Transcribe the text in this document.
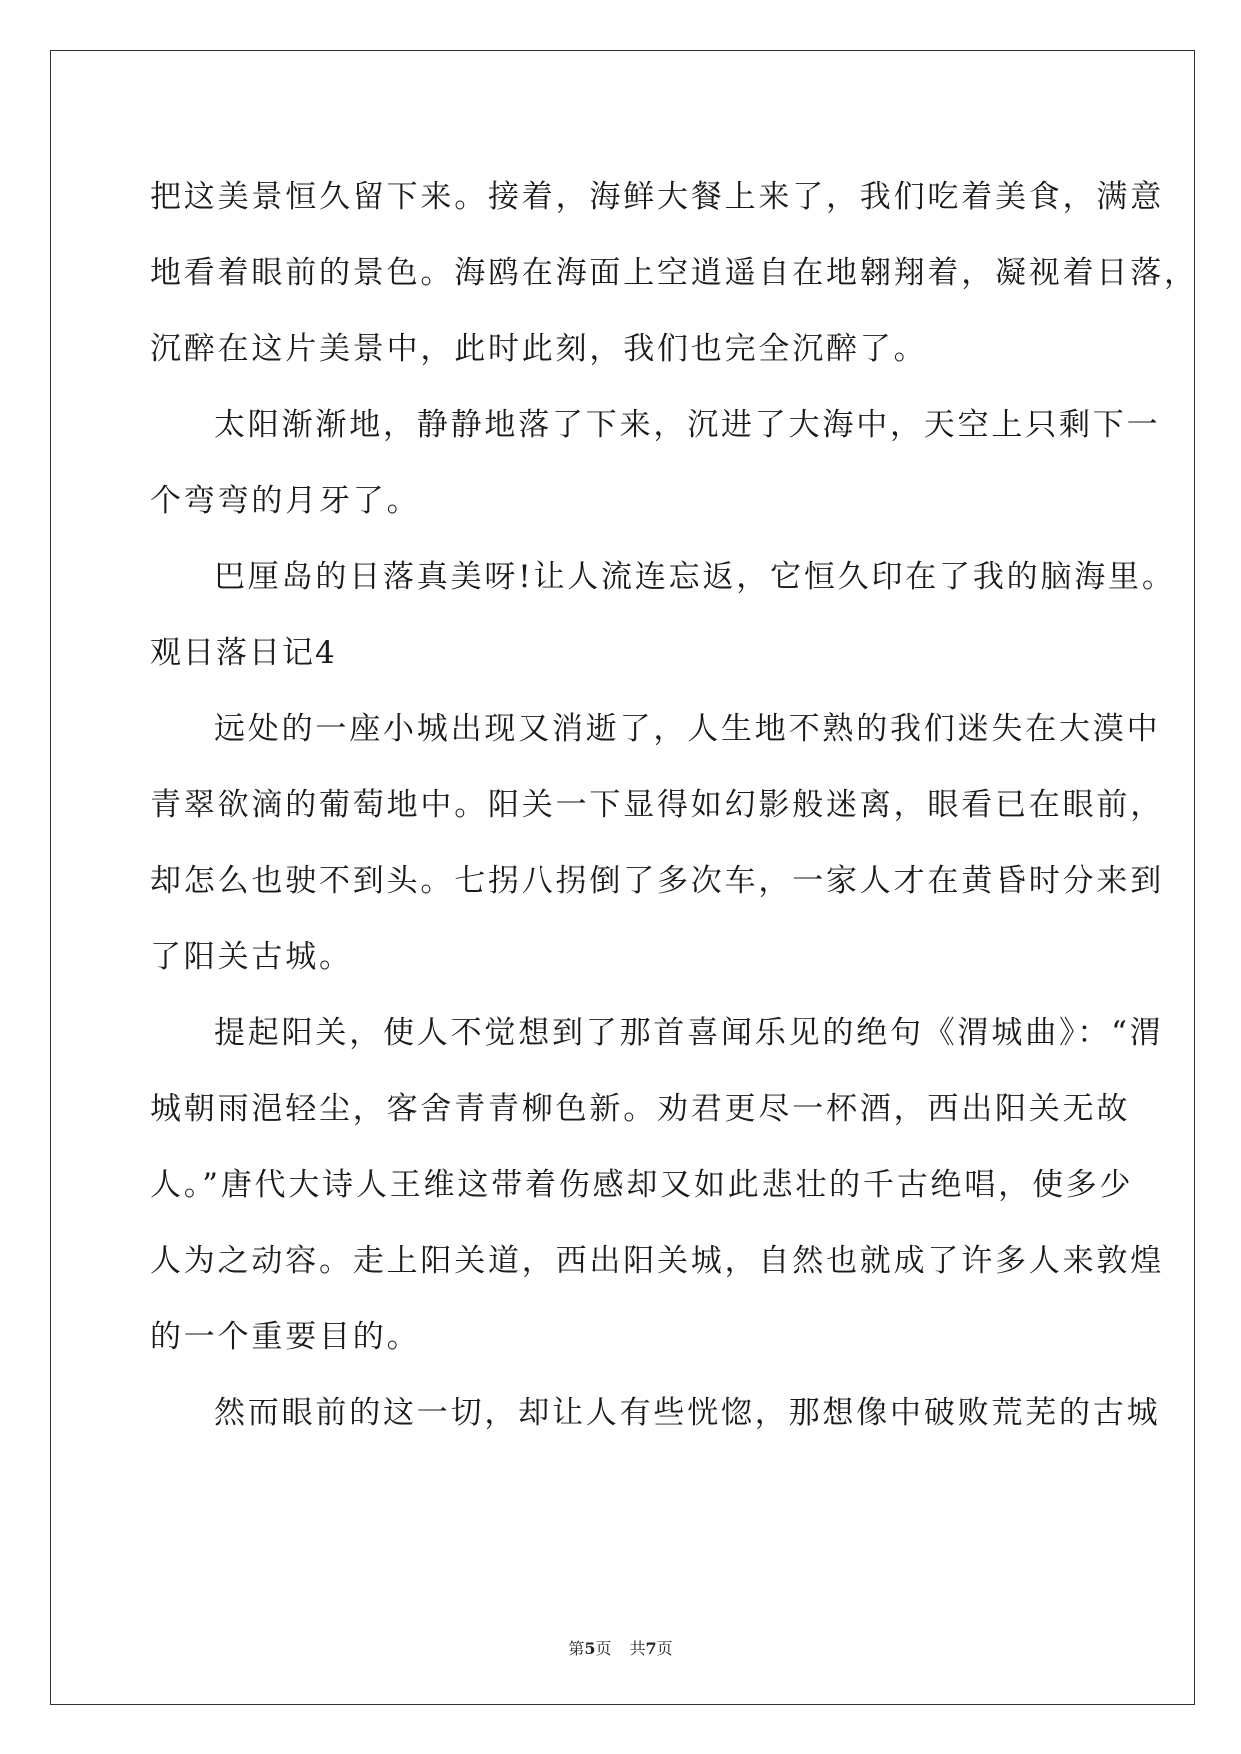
把这美景恒久留下来。接着，海鲜大餐上来了，我们吃着美食，满意
地看着眼前的景色。海鸥在海面上空逍遥自在地翱翔着，凝视着日落，
沉醉在这片美景中，此时此刻，我们也完全沉醉了。
太阳渐渐地，静静地落了下来，沉进了大海中，天空上只剩下一
个弯弯的月牙了。
巴厘岛的日落真美呀!让人流连忘返，它恒久印在了我的脑海里。
观日落日记4
远处的一座小城出现又消逝了，人生地不熟的我们迷失在大漠中
青翠欲滴的葡萄地中。阳关一下显得如幻影般迷离，眼看已在眼前，
却怎么也驶不到头。七拐八拐倒了多次车，一家人才在黄昏时分来到
了阳关古城。
提起阳关，使人不觉想到了那首喜闻乐见的绝句《渭城曲》：“渭
城朝雨浥轻尘，客舍青青柳色新。劝君更尽一杯酒，西出阳关无故
人。”唐代大诗人王维这带着伤感却又如此悲壮的千古绝唱，使多少
人为之动容。走上阳关道，西出阳关城，自然也就成了许多人来敦煌
的一个重要目的。
然而眼前的这一切，却让人有些恍惚，那想像中破败荒芜的古城
第5页 共7页
